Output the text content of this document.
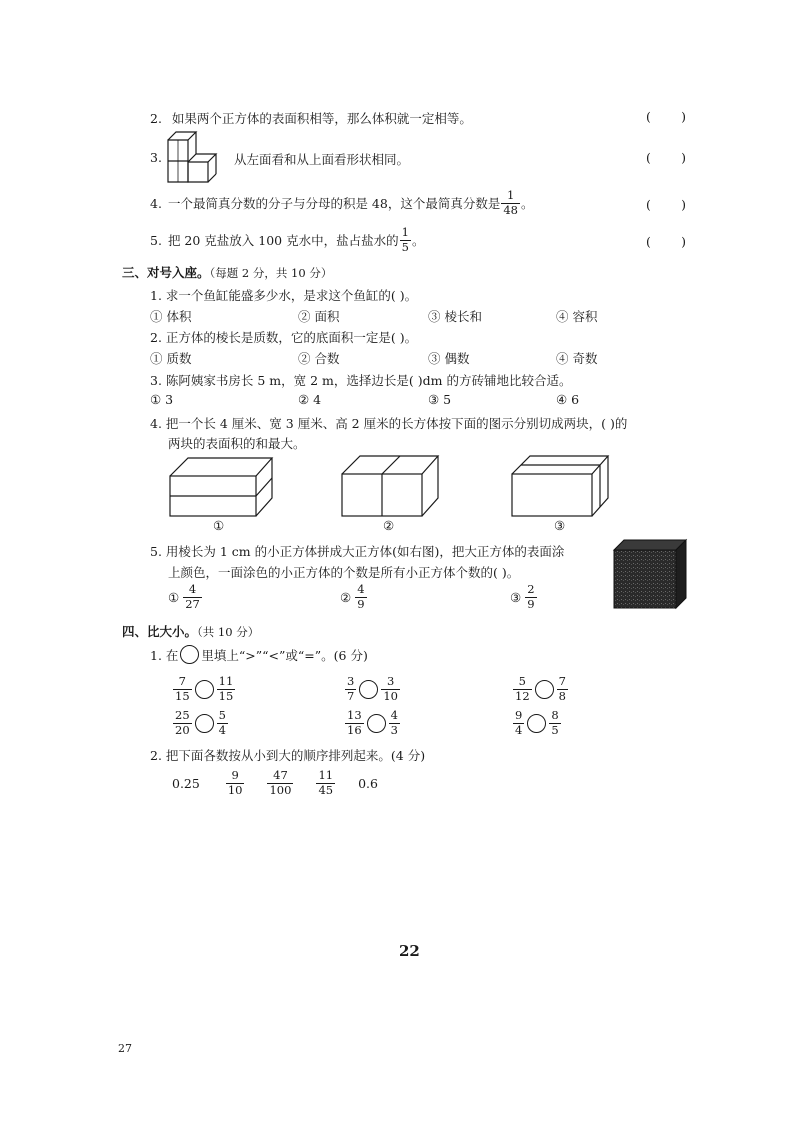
2. 如果两个正方体的表面积相等，那么体积就一定相等。	( )
3.	从左面看和从上面看形状相同。	( )
4. 一个最简真分数的分子与分母的积是 48，这个最简真分数是 $\frac{1}{48}$ 。	( )
5. 把 20 克盐放入 100 克水中，盐占盐水的 $\frac{1}{5}$ 。	( )
三、对号入座。（每题 2 分，共 10 分）
1. 求一个鱼缸能盛多少水，是求这个鱼缸的( )。
① 体积	② 面积	③ 棱长和	④ 容积
2. 正方体的棱长是质数，它的底面积一定是( )。
① 质数	② 合数	③ 偶数	④ 奇数
3. 陈阿姨家书房长 5 m，宽 2 m，选择边长是( )dm 的方砖铺地比较合适。
① 3	② 4	③ 5	④ 6
4. 把一个长 4 厘米、宽 3 厘米、高 2 厘米的长方体按下面的图示分别切成两块，( )的
两块的表面积的和最大。
①	②	③
5. 用棱长为 1 cm 的小正方体拼成大正方体(如右图)，把大正方体的表面涂
上颜色，一面涂色的小正方体的个数是所有小正方体个数的( )。
① $\frac{4}{27}$	② $\frac{4}{9}$	③ $\frac{2}{9}$
四、比大小。（共 10 分）
1. 在 里填上“>”“<”或“=”。(6 分)
$\frac{7}{15} \frac{11}{15}$	$\frac{3}{7} \frac{3}{10}$	$\frac{5}{12} \frac{7}{8}$
$\frac{25}{20} \frac{5}{4}$	$\frac{13}{16} \frac{4}{3}$	$\frac{9}{4} \frac{8}{5}$
2. 把下面各数按从小到大的顺序排列起来。(4 分)
$0.25 \frac{9}{10} \frac{47}{100} \frac{11}{45} 0.6$
22
27
